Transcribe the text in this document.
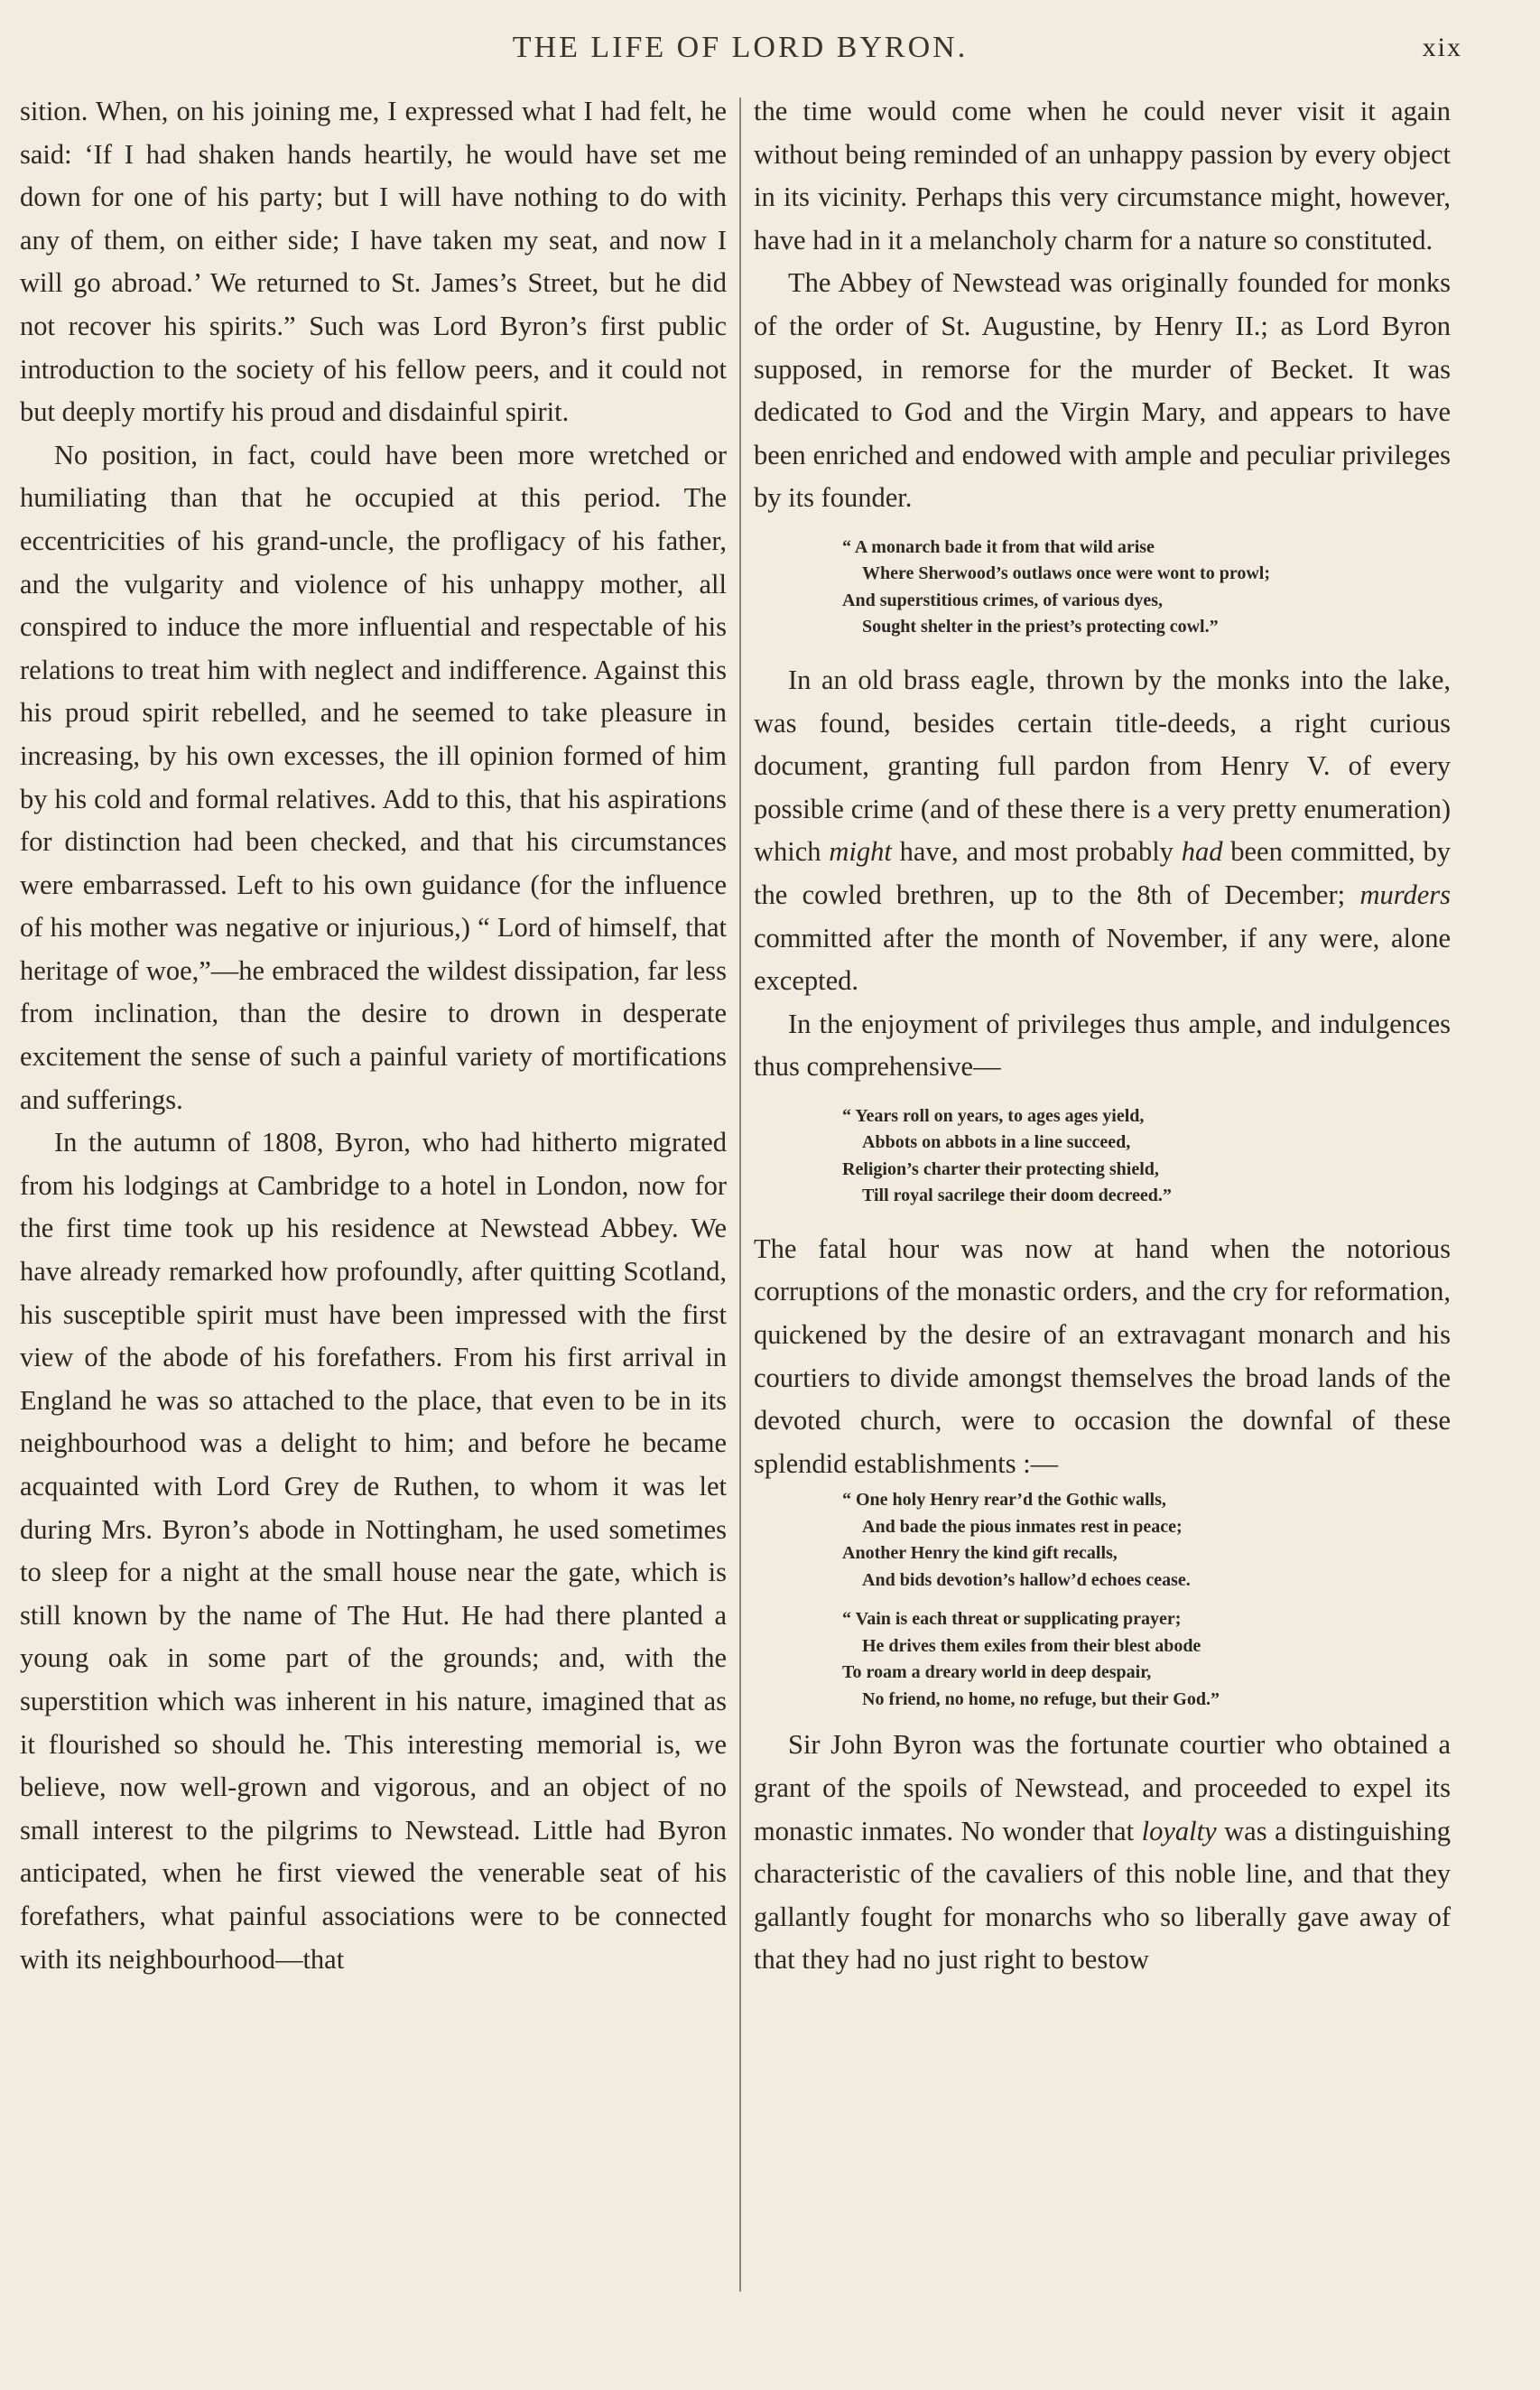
THE LIFE OF LORD BYRON.	xix

sition. When, on his joining me, I expressed what I had felt, he said: ‘If I had shaken hands heartily, he would have set me down for one of his party; but I will have nothing to do with any of them, on either side; I have taken my seat, and now I will go abroad.’ We returned to St. James’s Street, but he did not recover his spirits.” Such was Lord Byron’s first public introduction to the society of his fellow peers, and it could not but deeply mortify his proud and disdainful spirit.

No position, in fact, could have been more wretched or humiliating than that he occupied at this period. The eccentricities of his grand-uncle, the profligacy of his father, and the vulgarity and violence of his unhappy mother, all conspired to induce the more influential and respectable of his relations to treat him with neglect and indifference. Against this his proud spirit rebelled, and he seemed to take pleasure in increasing, by his own excesses, the ill opinion formed of him by his cold and formal relatives. Add to this, that his aspirations for distinction had been checked, and that his circumstances were embarrassed. Left to his own guidance (for the influence of his mother was negative or injurious,) “ Lord of himself, that heritage of woe,”—he embraced the wildest dissipation, far less from inclination, than the desire to drown in desperate excitement the sense of such a painful variety of mortifications and sufferings.

In the autumn of 1808, Byron, who had hitherto migrated from his lodgings at Cambridge to a hotel in London, now for the first time took up his residence at Newstead Abbey. We have already remarked how profoundly, after quitting Scotland, his susceptible spirit must have been impressed with the first view of the abode of his forefathers. From his first arrival in England he was so attached to the place, that even to be in its neighbourhood was a delight to him; and before he became acquainted with Lord Grey de Ruthen, to whom it was let during Mrs. Byron’s abode in Nottingham, he used sometimes to sleep for a night at the small house near the gate, which is still known by the name of The Hut. He had there planted a young oak in some part of the grounds; and, with the superstition which was inherent in his nature, imagined that as it flourished so should he. This interesting memorial is, we believe, now well-grown and vigorous, and an object of no small interest to the pilgrims to Newstead. Little had Byron anticipated, when he first viewed the venerable seat of his forefathers, what painful associations were to be connected with its neighbourhood—that

the time would come when he could never visit it again without being reminded of an unhappy passion by every object in its vicinity. Perhaps this very circumstance might, however, have had in it a melancholy charm for a nature so constituted.

The Abbey of Newstead was originally founded for monks of the order of St. Augustine, by Henry II.; as Lord Byron supposed, in remorse for the murder of Becket. It was dedicated to God and the Virgin Mary, and appears to have been enriched and endowed with ample and peculiar privileges by its founder.

“ A monarch bade it from that wild arise
Where Sherwood’s outlaws once were wont to prowl;
And superstitious crimes, of various dyes,
Sought shelter in the priest’s protecting cowl.”

In an old brass eagle, thrown by the monks into the lake, was found, besides certain title-deeds, a right curious document, granting full pardon from Henry V. of every possible crime (and of these there is a very pretty enumeration) which might have, and most probably had been committed, by the cowled brethren, up to the 8th of December; murders committed after the month of November, if any were, alone excepted.

In the enjoyment of privileges thus ample, and indulgences thus comprehensive—

“ Years roll on years, to ages ages yield,
Abbots on abbots in a line succeed,
Religion’s charter their protecting shield,
Till royal sacrilege their doom decreed.”

The fatal hour was now at hand when the notorious corruptions of the monastic orders, and the cry for reformation, quickened by the desire of an extravagant monarch and his courtiers to divide amongst themselves the broad lands of the devoted church, were to occasion the downfal of these splendid establishments :—

“ One holy Henry rear’d the Gothic walls,
And bade the pious inmates rest in peace;
Another Henry the kind gift recalls,
And bids devotion’s hallow’d echoes cease.
“ Vain is each threat or supplicating prayer;
He drives them exiles from their blest abode
To roam a dreary world in deep despair,
No friend, no home, no refuge, but their God.”

Sir John Byron was the fortunate courtier who obtained a grant of the spoils of Newstead, and proceeded to expel its monastic inmates. No wonder that loyalty was a distinguishing characteristic of the cavaliers of this noble line, and that they gallantly fought for monarchs who so liberally gave away of that they had no just right to bestow
